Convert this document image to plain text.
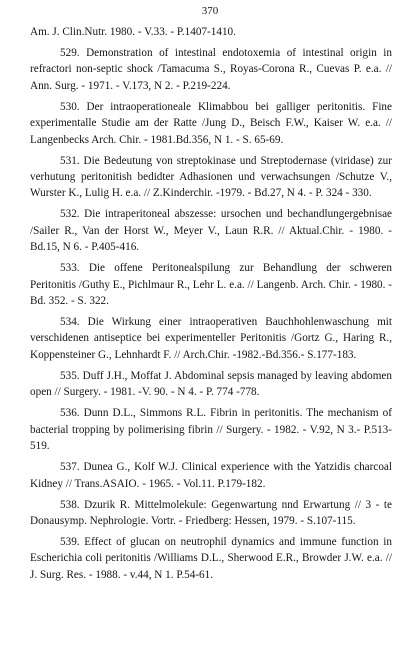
370

Am. J. Clin.Nutr. 1980. - V.33. - P.1407-1410.

529. Demonstration of intestinal endotoxemia of intestinal origin in refractori non-septic shock /Tamacuma S., Royas-Corona R., Cuevas P. e.a. // Ann. Surg. - 1971. - V.173, N 2. - P.219-224.

530. Der intraoperationeale Klimabbou bei galliger peritonitis. Fine experimentalle Studie am der Ratte /Jung D., Beisch F.W., Kaiser W. e.a. // Langenbecks Arch. Chir. - 1981.Bd.356, N 1. - S. 65-69.

531. Die Bedeutung von streptokinase und Streptodernase (viridase) zur verhutung peritonitish bedidter Adhasionen und verwachsungen /Schutze V., Wurster K., Lulig H. e.a. // Z.Kinderchir. -1979. - Bd.27, N 4. - P. 324 - 330.

532. Die intraperitoneal abszesse: ursochen und bechandlungergebnisae /Sailer R., Van der Horst W., Meyer V., Laun R.R. // Aktual.Chir. - 1980. - Bd.15, N 6. - P.405-416.

533. Die offene Peritonealspilung zur Behandlung der schweren Peritonitis /Guthy E., Pichlmaur R., Lehr L. e.a. // Langenb. Arch. Chir. - 1980. - Bd. 352. - S. 322.

534. Die Wirkung einer intraoperativen Bauchhohlenwaschung mit verschidenen antiseptice bei experimenteller Peritonitis /Gortz G., Haring R., Koppensteiner G., Lehnhardt F. // Arch.Chir. -1982.-Bd.356.- S.177-183.

535. Duff J.H., Moffat J. Abdominal sepsis managed by leaving abdomen open // Surgery. - 1981. -V. 90. - N 4. - P. 774 -778.

536. Dunn D.L., Simmons R.L. Fibrin in peritonitis. The mechanism of bacterial tropping by polimerising fibrin // Surgery. - 1982. - V.92, N 3.- P.513-519.

537. Dunea G., Kolf W.J. Clinical experience with the Yatzidis charcoal Kidney // Trans.ASAIO. - 1965. - Vol.11. P.179-182.

538. Dzurik R. Mittelmolekule: Gegenwartung nnd Erwartung // 3 - te Donausymp. Nephrologie. Vortr. - Friedberg: Hessen, 1979. - S.107-115.

539. Effect of glucan on neutrophil dynamics and immune function in Escherichia coli peritonitis /Williams D.L., Sherwood E.R., Browder J.W. e.a. // J. Surg. Res. - 1988. - v.44, N 1. P.54-61.
